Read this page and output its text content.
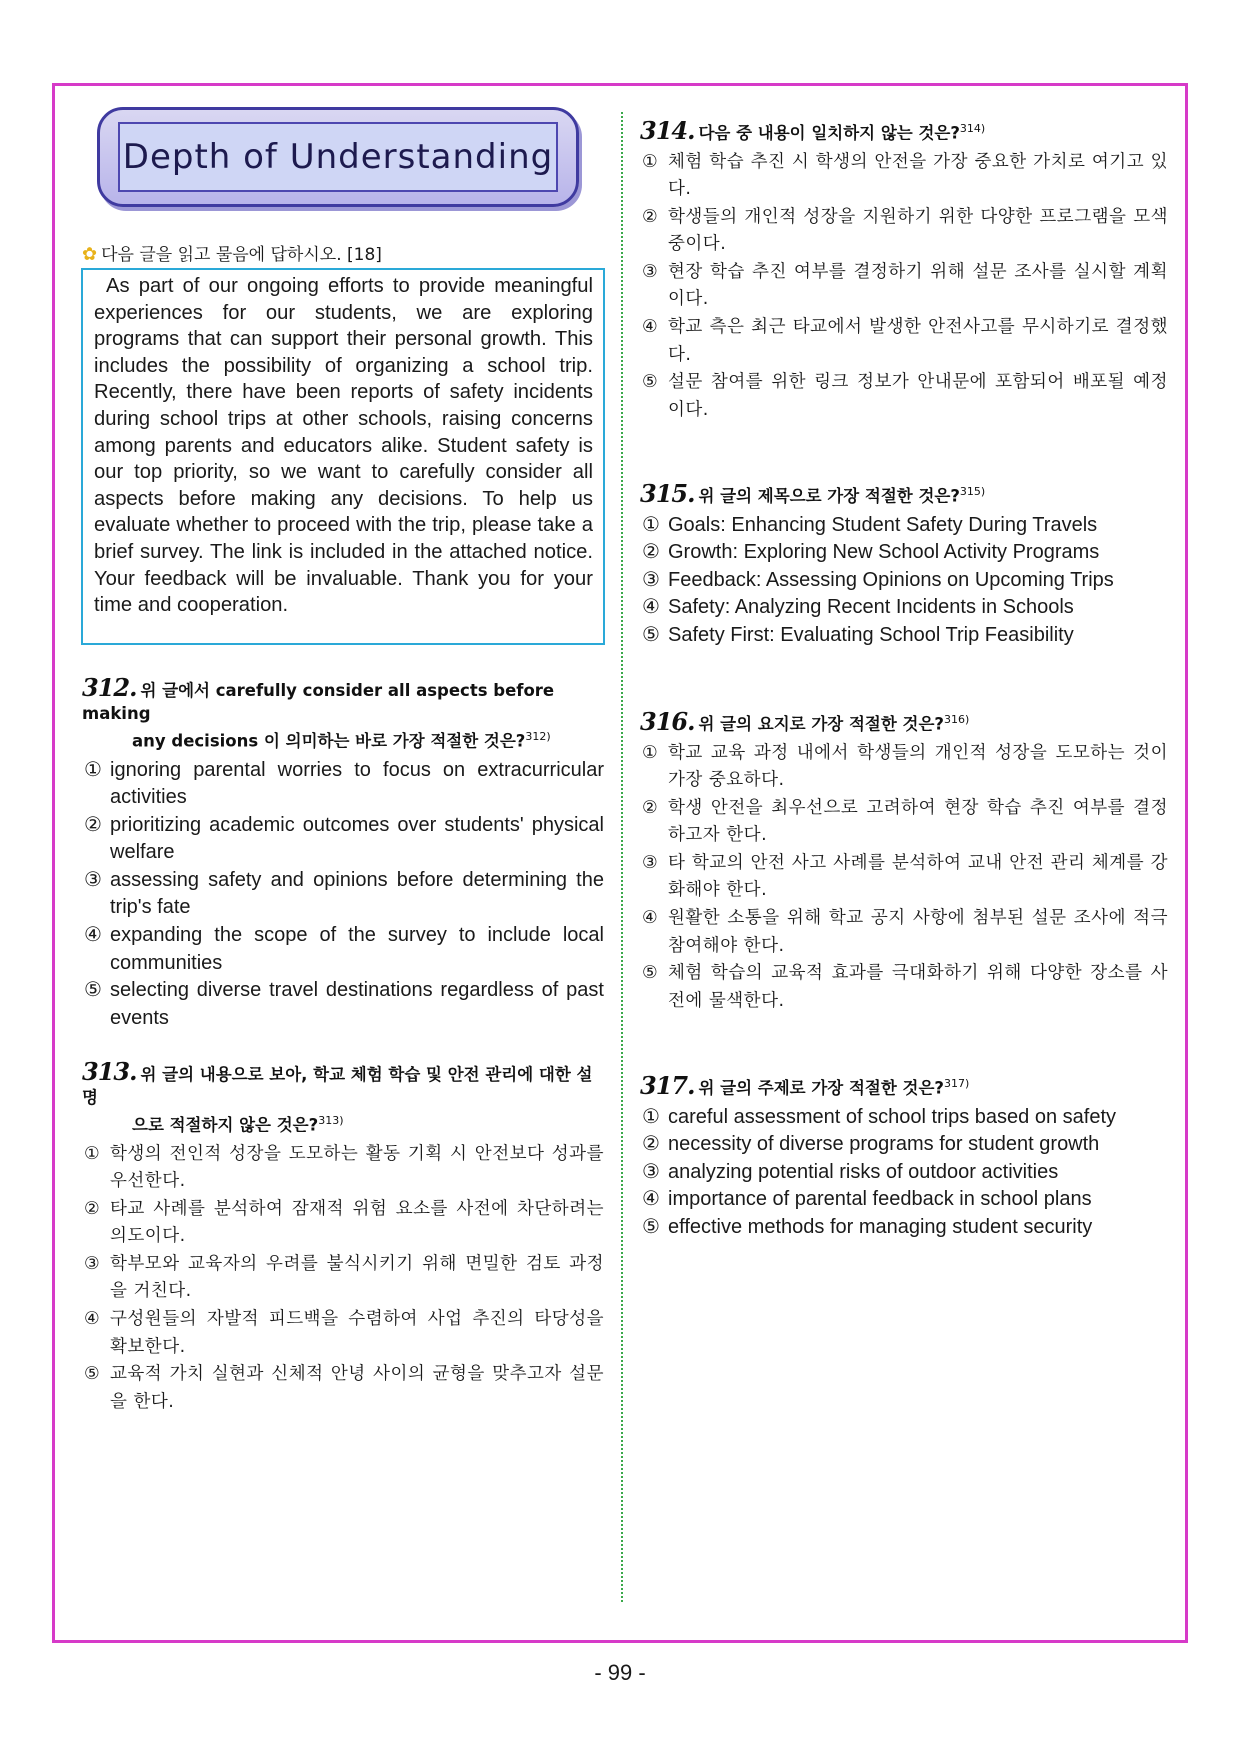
Depth of Understanding
✿ 다음 글을 읽고 물음에 답하시오. [18]

As part of our ongoing efforts to provide meaningful experiences for our students, we are exploring programs that can support their personal growth. This includes the possibility of organizing a school trip. Recently, there have been reports of safety incidents during school trips at other schools, raising concerns among parents and educators alike. Student safety is our top priority, so we want to carefully consider all aspects before making any decisions. To help us evaluate whether to proceed with the trip, please take a brief survey. The link is included in the attached notice. Your feedback will be invaluable. Thank you for your time and cooperation.

312. 위 글에서 carefully consider all aspects before making
any decisions 이 의미하는 바로 가장 적절한 것은?$^{312)}$
① ignoring parental worries to focus on extracurricular activities
② prioritizing academic outcomes over students' physical welfare
③ assessing safety and opinions before determining the trip's fate
④ expanding the scope of the survey to include local communities
⑤ selecting diverse travel destinations regardless of past events
313. 위 글의 내용으로 보아, 학교 체험 학습 및 안전 관리에 대한 설명
으로 적절하지 않은 것은?$^{313)}$
① 학생의 전인적 성장을 도모하는 활동 기획 시 안전보다 성과를 우선한다.
② 타교 사례를 분석하여 잠재적 위험 요소를 사전에 차단하려는 의도이다.
③ 학부모와 교육자의 우려를 불식시키기 위해 면밀한 검토 과정을 거친다.
④ 구성원들의 자발적 피드백을 수렴하여 사업 추진의 타당성을 확보한다.
⑤ 교육적 가치 실현과 신체적 안녕 사이의 균형을 맞추고자 설문을 한다.
314. 다음 중 내용이 일치하지 않는 것은?$^{314)}$
① 체험 학습 추진 시 학생의 안전을 가장 중요한 가치로 여기고 있다.
② 학생들의 개인적 성장을 지원하기 위한 다양한 프로그램을 모색 중이다.
③ 현장 학습 추진 여부를 결정하기 위해 설문 조사를 실시할 계획이다.
④ 학교 측은 최근 타교에서 발생한 안전사고를 무시하기로 결정했다.
⑤ 설문 참여를 위한 링크 정보가 안내문에 포함되어 배포될 예정이다.
315. 위 글의 제목으로 가장 적절한 것은?$^{315)}$
① Goals: Enhancing Student Safety During Travels
② Growth: Exploring New School Activity Programs
③ Feedback: Assessing Opinions on Upcoming Trips
④ Safety: Analyzing Recent Incidents in Schools
⑤ Safety First: Evaluating School Trip Feasibility
316. 위 글의 요지로 가장 적절한 것은?$^{316)}$
① 학교 교육 과정 내에서 학생들의 개인적 성장을 도모하는 것이 가장 중요하다.
② 학생 안전을 최우선으로 고려하여 현장 학습 추진 여부를 결정하고자 한다.
③ 타 학교의 안전 사고 사례를 분석하여 교내 안전 관리 체계를 강화해야 한다.
④ 원활한 소통을 위해 학교 공지 사항에 첨부된 설문 조사에 적극 참여해야 한다.
⑤ 체험 학습의 교육적 효과를 극대화하기 위해 다양한 장소를 사전에 물색한다.
317. 위 글의 주제로 가장 적절한 것은?$^{317)}$
① careful assessment of school trips based on safety
② necessity of diverse programs for student growth
③ analyzing potential risks of outdoor activities
④ importance of parental feedback in school plans
⑤ effective methods for managing student security
- 99 -
